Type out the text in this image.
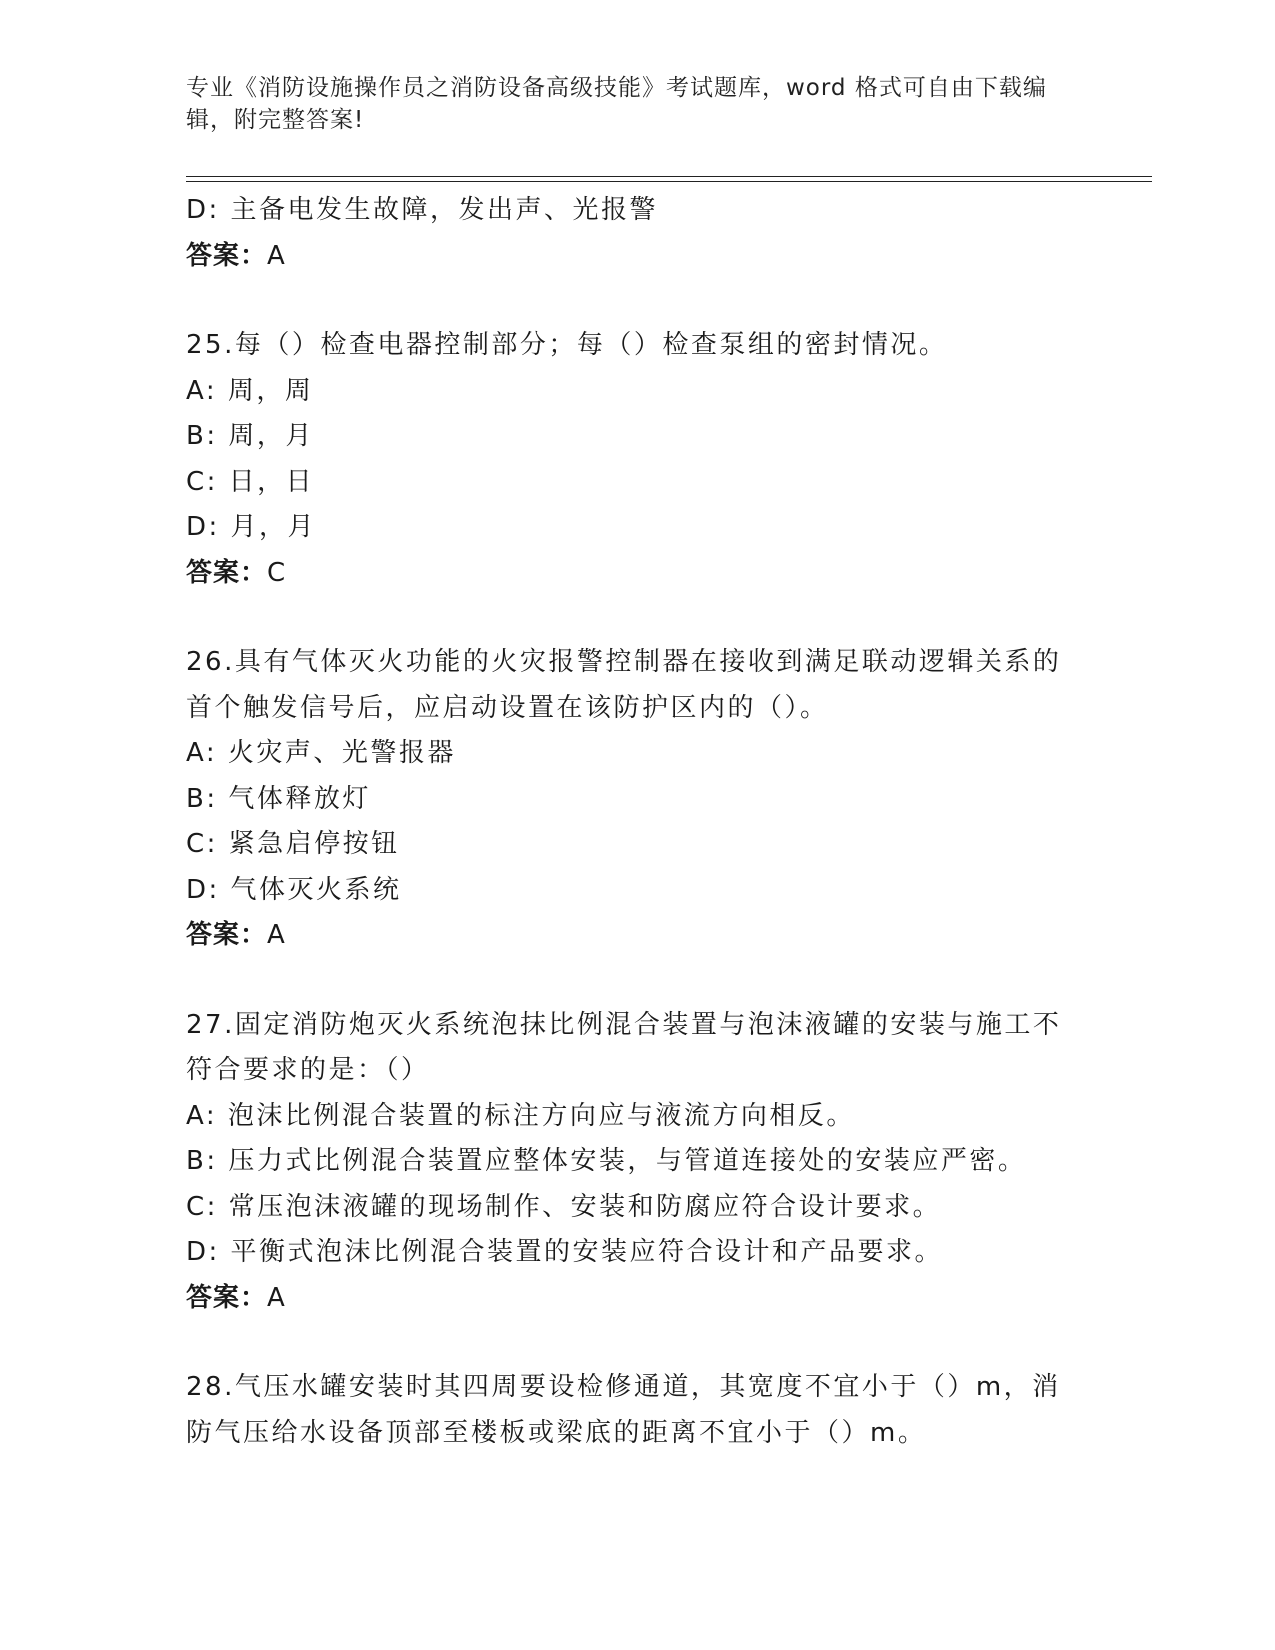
专业《消防设施操作员之消防设备高级技能》考试题库，word 格式可自由下载编
辑，附完整答案!
D: 主备电发生故障，发出声、光报警
答案：A
25.每（）检查电器控制部分；每（）检查泵组的密封情况。
A: 周，周
B: 周，月
C: 日，日
D: 月，月
答案：C
26.具有气体灭火功能的火灾报警控制器在接收到满足联动逻辑关系的
首个触发信号后，应启动设置在该防护区内的（）。
A: 火灾声、光警报器
B: 气体释放灯
C: 紧急启停按钮
D: 气体灭火系统
答案：A
27.固定消防炮灭火系统泡抹比例混合装置与泡沫液罐的安装与施工不
符合要求的是：（）
A: 泡沫比例混合装置的标注方向应与液流方向相反。
B: 压力式比例混合装置应整体安装，与管道连接处的安装应严密。
C: 常压泡沫液罐的现场制作、安装和防腐应符合设计要求。
D: 平衡式泡沫比例混合装置的安装应符合设计和产品要求。
答案：A
28.气压水罐安装时其四周要设检修通道，其宽度不宜小于（）m，消
防气压给水设备顶部至楼板或梁底的距离不宜小于（）m。
